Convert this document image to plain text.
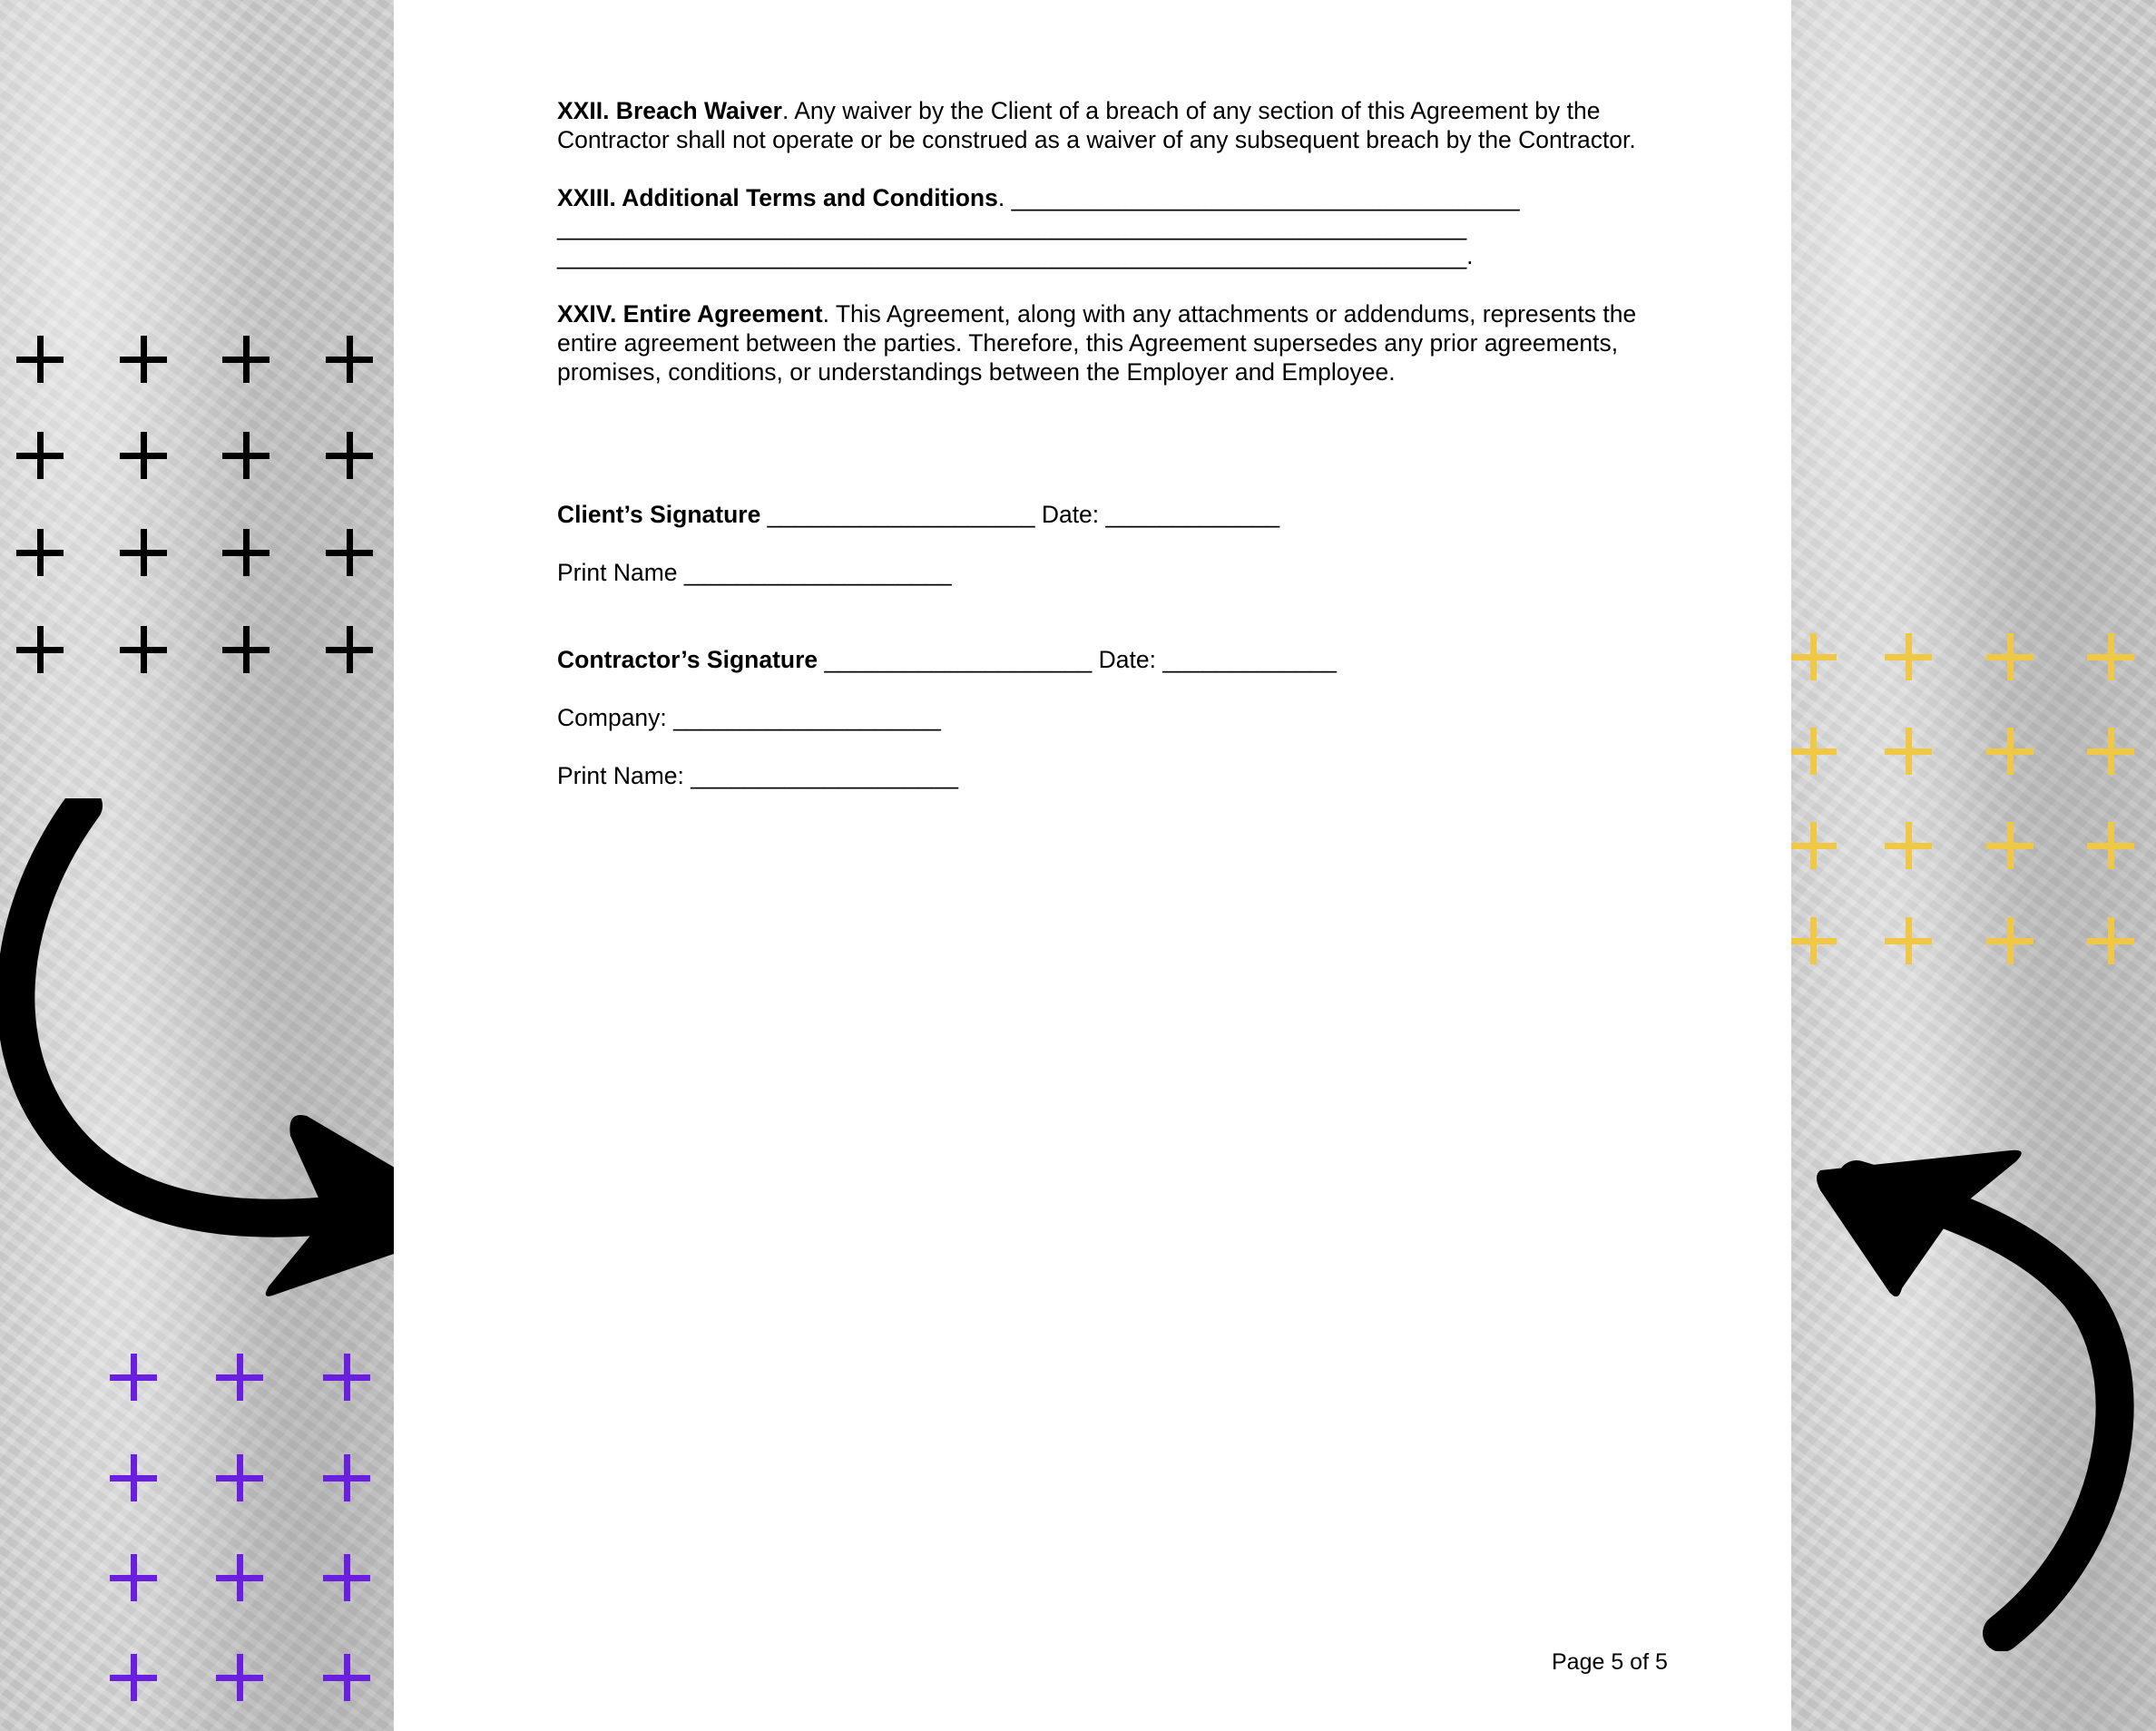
XXII. Breach Waiver. Any waiver by the Client of a breach of any section of this Agreement by the Contractor shall not operate or be construed as a waiver of any subsequent breach by the Contractor.

XXIII. Additional Terms and Conditions. ______________________________________
____________________________________________________________________
____________________________________________________________________.

XXIV. Entire Agreement. This Agreement, along with any attachments or addendums, represents the entire agreement between the parties. Therefore, this Agreement supersedes any prior agreements, promises, conditions, or understandings between the Employer and Employee.

Client’s Signature ____________________ Date: _____________
Print Name ____________________
Contractor’s Signature ____________________ Date: _____________
Company: ____________________
Print Name: ____________________
Page 5 of 5
